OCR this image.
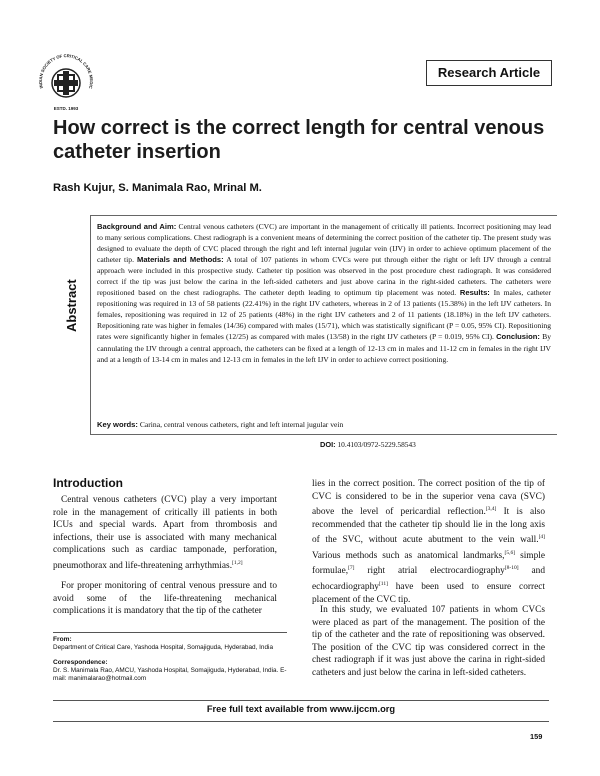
INDIAN SOCIETY OF CRITICAL CARE MEDIC
ESTD. 1993
Research Article
How correct is the correct length for central venous catheter insertion
Rash Kujur, S. Manimala Rao, Mrinal M.
Abstract
Background and Aim: Central venous catheters (CVC) are important in the management of critically ill patients. Incorrect positioning may lead to many serious complications. Chest radiograph is a convenient means of determining the correct position of the catheter tip. The present study was designed to evaluate the depth of CVC placed through the right and left internal jugular vein (IJV) in order to achieve optimum placement of the catheter tip. Materials and Methods: A total of 107 patients in whom CVCs were put through either the right or left IJV through a central approach were included in this prospective study. Catheter tip position was observed in the post procedure chest radiograph. It was considered correct if the tip was just below the carina in the left-sided catheters and just above carina in the right-sided catheters. The catheters were repositioned based on the chest radiographs. The catheter depth leading to optimum tip placement was noted. Results: In males, catheter repositioning was required in 13 of 58 patients (22.41%) in the right IJV catheters, whereas in 2 of 13 patients (15.38%) in the left IJV catheters. In females, repositioning was required in 12 of 25 patients (48%) in the right IJV catheters and 2 of 11 patients (18.18%) in the left IJV catheters. Repositioning rate was higher in females (14/36) compared with males (15/71), which was statistically significant (P = 0.05, 95% CI). Repositioning rates were significantly higher in females (12/25) as compared with males (13/58) in the right IJV catheters (P = 0.019, 95% CI). Conclusion: By cannulating the IJV through a central approach, the catheters can be fixed at a length of 12-13 cm in males and 11-12 cm in females in the right IJV and at a length of 13-14 cm in males and 12-13 cm in females in the left IJV in order to achieve correct positioning.
Key words: Carina, central venous catheters, right and left internal jugular vein
DOI: 10.4103/0972-5229.58543
Introduction

Central venous catheters (CVC) play a very important role in the management of critically ill patients in both ICUs and special wards. Apart from thrombosis and infections, their use is associated with many mechanical complications such as cardiac tamponade, perforation, pneumothorax and life-threatening arrhythmias.[1,2]

For proper monitoring of central venous pressure and to avoid some of the life-threatening mechanical complications it is mandatory that the tip of the catheter

lies in the correct position. The correct position of the tip of CVC is considered to be in the superior vena cava (SVC) above the level of pericardial reflection.[3,4] It is also recommended that the catheter tip should lie in the long axis of the SVC, without acute abutment to the vein wall.[4] Various methods such as anatomical landmarks,[5,6] simple formulae,[7] right atrial electrocardiography[8-10] and echocardiography[11] have been used to ensure correct placement of the CVC tip.

In this study, we evaluated 107 patients in whom CVCs were placed as part of the management. The position of the tip of the catheter and the rate of repositioning was observed. The position of the CVC tip was considered correct in the chest radiograph if it was just above the carina in right-sided catheters and just below the carina in left-sided catheters.

From:
Department of Critical Care, Yashoda Hospital, Somajiguda, Hyderabad, India
Correspondence:
Dr. S. Manimala Rao, AMCU, Yashoda Hospital, Somajiguda, Hyderabad, India. E-mail: manimalarao@hotmail.com
Free full text available from www.ijccm.org
159
